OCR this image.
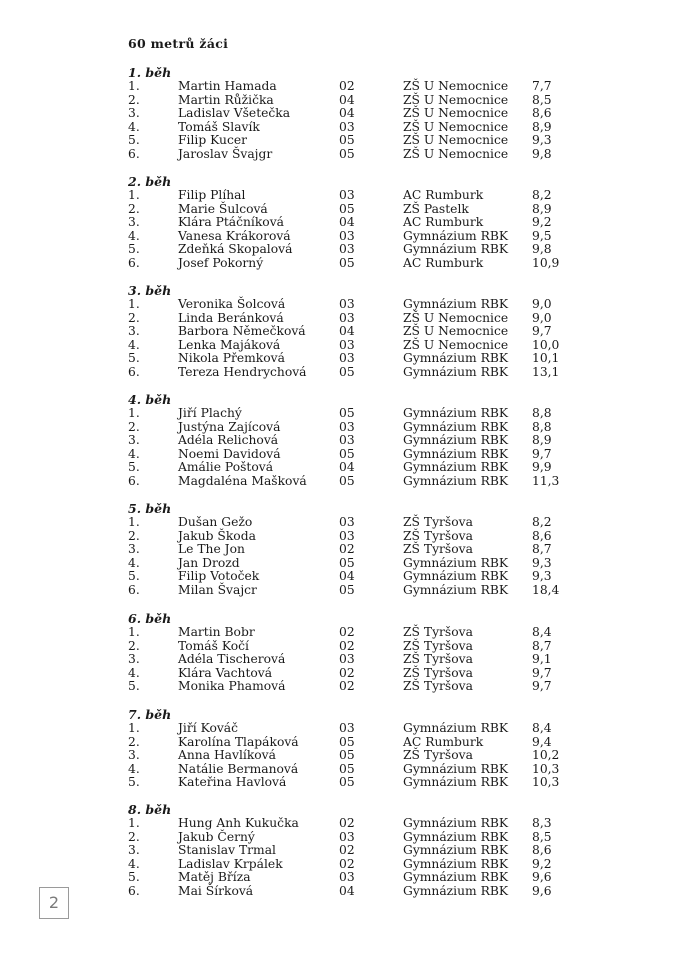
60 metrů žáci
1. běh
1.	Martin Hamada	02	ZŠ U Nemocnice 7,7
2.	Martin Růžička	04	ZŠ U Nemocnice 8,5
3.	Ladislav Všetečka	04	ZŠ U Nemocnice 8,6
4.	Tomáš Slavík	03	ZŠ U Nemocnice 8,9
5.	Filip Kucer	05	ZŠ U Nemocnice 9,3
6.	Jaroslav Švajgr	05	ZŠ U Nemocnice 9,8
2. běh
1.	Filip Plíhal	03	AC Rumburk	8,2
2.	Marie Šulcová	05	ZŠ Pastelk	8,9
3.	Klára Ptáčníková	04	AC Rumburk	9,2
4.	Vanesa Krákorová	03	Gymnázium RBK 9,5
5.	Zdeňká Skopalová	03	Gymnázium RBK 9,8
6.	Josef Pokorný	05	AC Rumburk	10,9
3. běh
1.	Veronika Šolcová	03	Gymnázium RBK 9,0
2.	Linda Beránková	03	ZŠ U Nemocnice 9,0
3.	Barbora Němečková	04	ZŠ U Nemocnice 9,7
4.	Lenka Majáková	03	ZŠ U Nemocnice 10,0
5.	Nikola Přemková	03	Gymnázium RBK 10,1
6.	Tereza Hendrychová	05	Gymnázium RBK 13,1
4. běh
1.	Jiří Plachý	05	Gymnázium RBK 8,8
2.	Justýna Zajícová	03	Gymnázium RBK 8,8
3.	Adéla Relichová	03	Gymnázium RBK 8,9
4.	Noemi Davidová	05	Gymnázium RBK 9,7
5.	Amálie Poštová	04	Gymnázium RBK 9,9
6.	Magdaléna Mašková	05	Gymnázium RBK 11,3
5. běh
1.	Dušan Gežo	03	ZŠ Tyršova	8,2
2.	Jakub Škoda	03	ZŠ Tyršova	8,6
3.	Le The Jon	02	ZŠ Tyršova	8,7
4.	Jan Drozd	05	Gymnázium RBK 9,3
5.	Filip Votoček	04	Gymnázium RBK 9,3
6.	Milan Švajcr	05	Gymnázium RBK 18,4
6. běh
1.	Martin Bobr	02	ZŠ Tyršova	8,4
2.	Tomáš Kočí	02	ZŠ Tyršova	8,7
3.	Adéla Tischerová	03	ZŠ Tyršova	9,1
4.	Klára Vachtová	02	ZŠ Tyršova	9,7
5.	Monika Phamová	02	ZŠ Tyršova	9,7
7. běh
1.	Jiří Kováč	03	Gymnázium RBK 8,4
2.	Karolína Tlapáková	05	AC Rumburk	9,4
3.	Anna Havlíková	05	ZŠ Tyršova	10,2
4.	Natálie Bermanová	05	Gymnázium RBK 10,3
5.	Kateřina Havlová	05	Gymnázium RBK 10,3
8. běh
1.	Hung Anh Kukučka	02	Gymnázium RBK 8,3
2.	Jakub Černý	03	Gymnázium RBK 8,5
3.	Stanislav Trmal	02	Gymnázium RBK 8,6
4.	Ladislav Krpálek	02	Gymnázium RBK 9,2
5.	Matěj Bříza	03	Gymnázium RBK 9,6
6.	Mai Šírková	04	Gymnázium RBK 9,6
2
